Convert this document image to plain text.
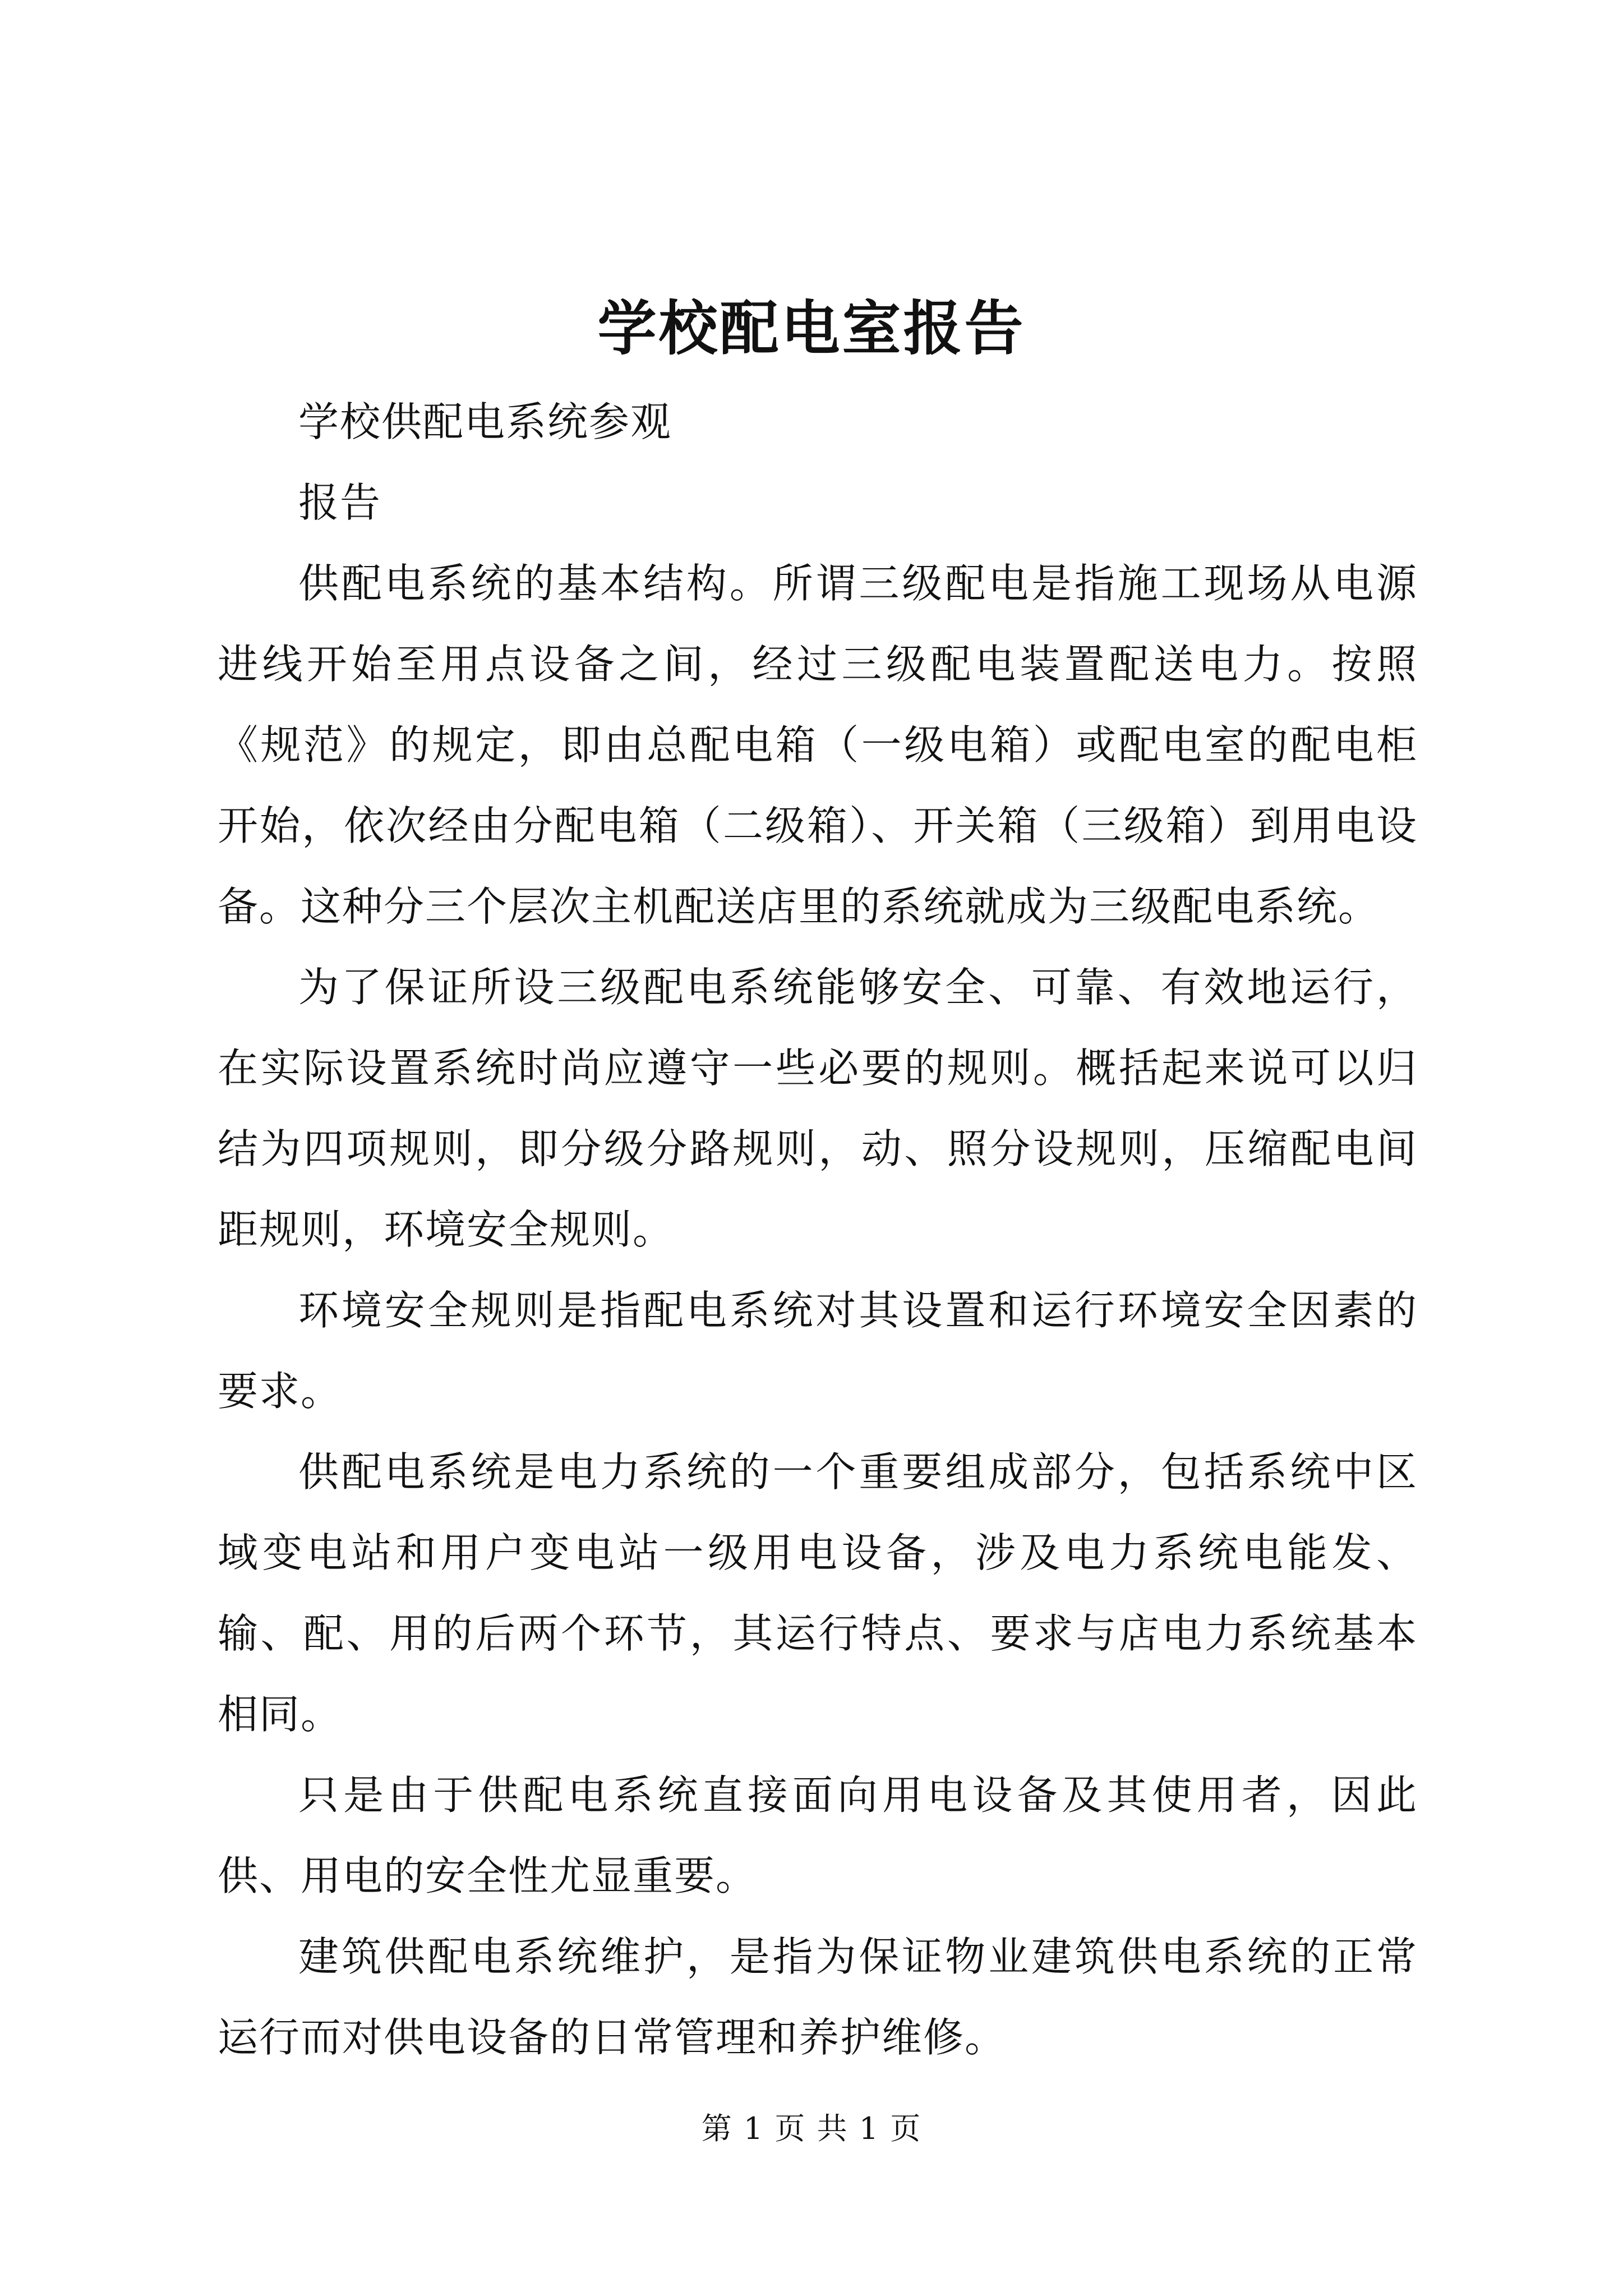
学校配电室报告

学校供配电系统参观

报告

供配电系统的基本结构。所谓三级配电是指施工现场从电源进线开始至用点设备之间，经过三级配电装置配送电力。按照《规范》的规定，即由总配电箱（一级电箱）或配电室的配电柜开始，依次经由分配电箱（二级箱）、开关箱（三级箱）到用电设备。这种分三个层次主机配送店里的系统就成为三级配电系统。

为了保证所设三级配电系统能够安全、可靠、有效地运行，在实际设置系统时尚应遵守一些必要的规则。概括起来说可以归结为四项规则，即分级分路规则，动、照分设规则，压缩配电间距规则，环境安全规则。

环境安全规则是指配电系统对其设置和运行环境安全因素的要求。

供配电系统是电力系统的一个重要组成部分，包括系统中区域变电站和用户变电站一级用电设备，涉及电力系统电能发、输、配、用的后两个环节，其运行特点、要求与店电力系统基本相同。

只是由于供配电系统直接面向用电设备及其使用者，因此供、用电的安全性尤显重要。

建筑供配电系统维护，是指为保证物业建筑供电系统的正常运行而对供电设备的日常管理和养护维修。

第 1 页 共 1 页
